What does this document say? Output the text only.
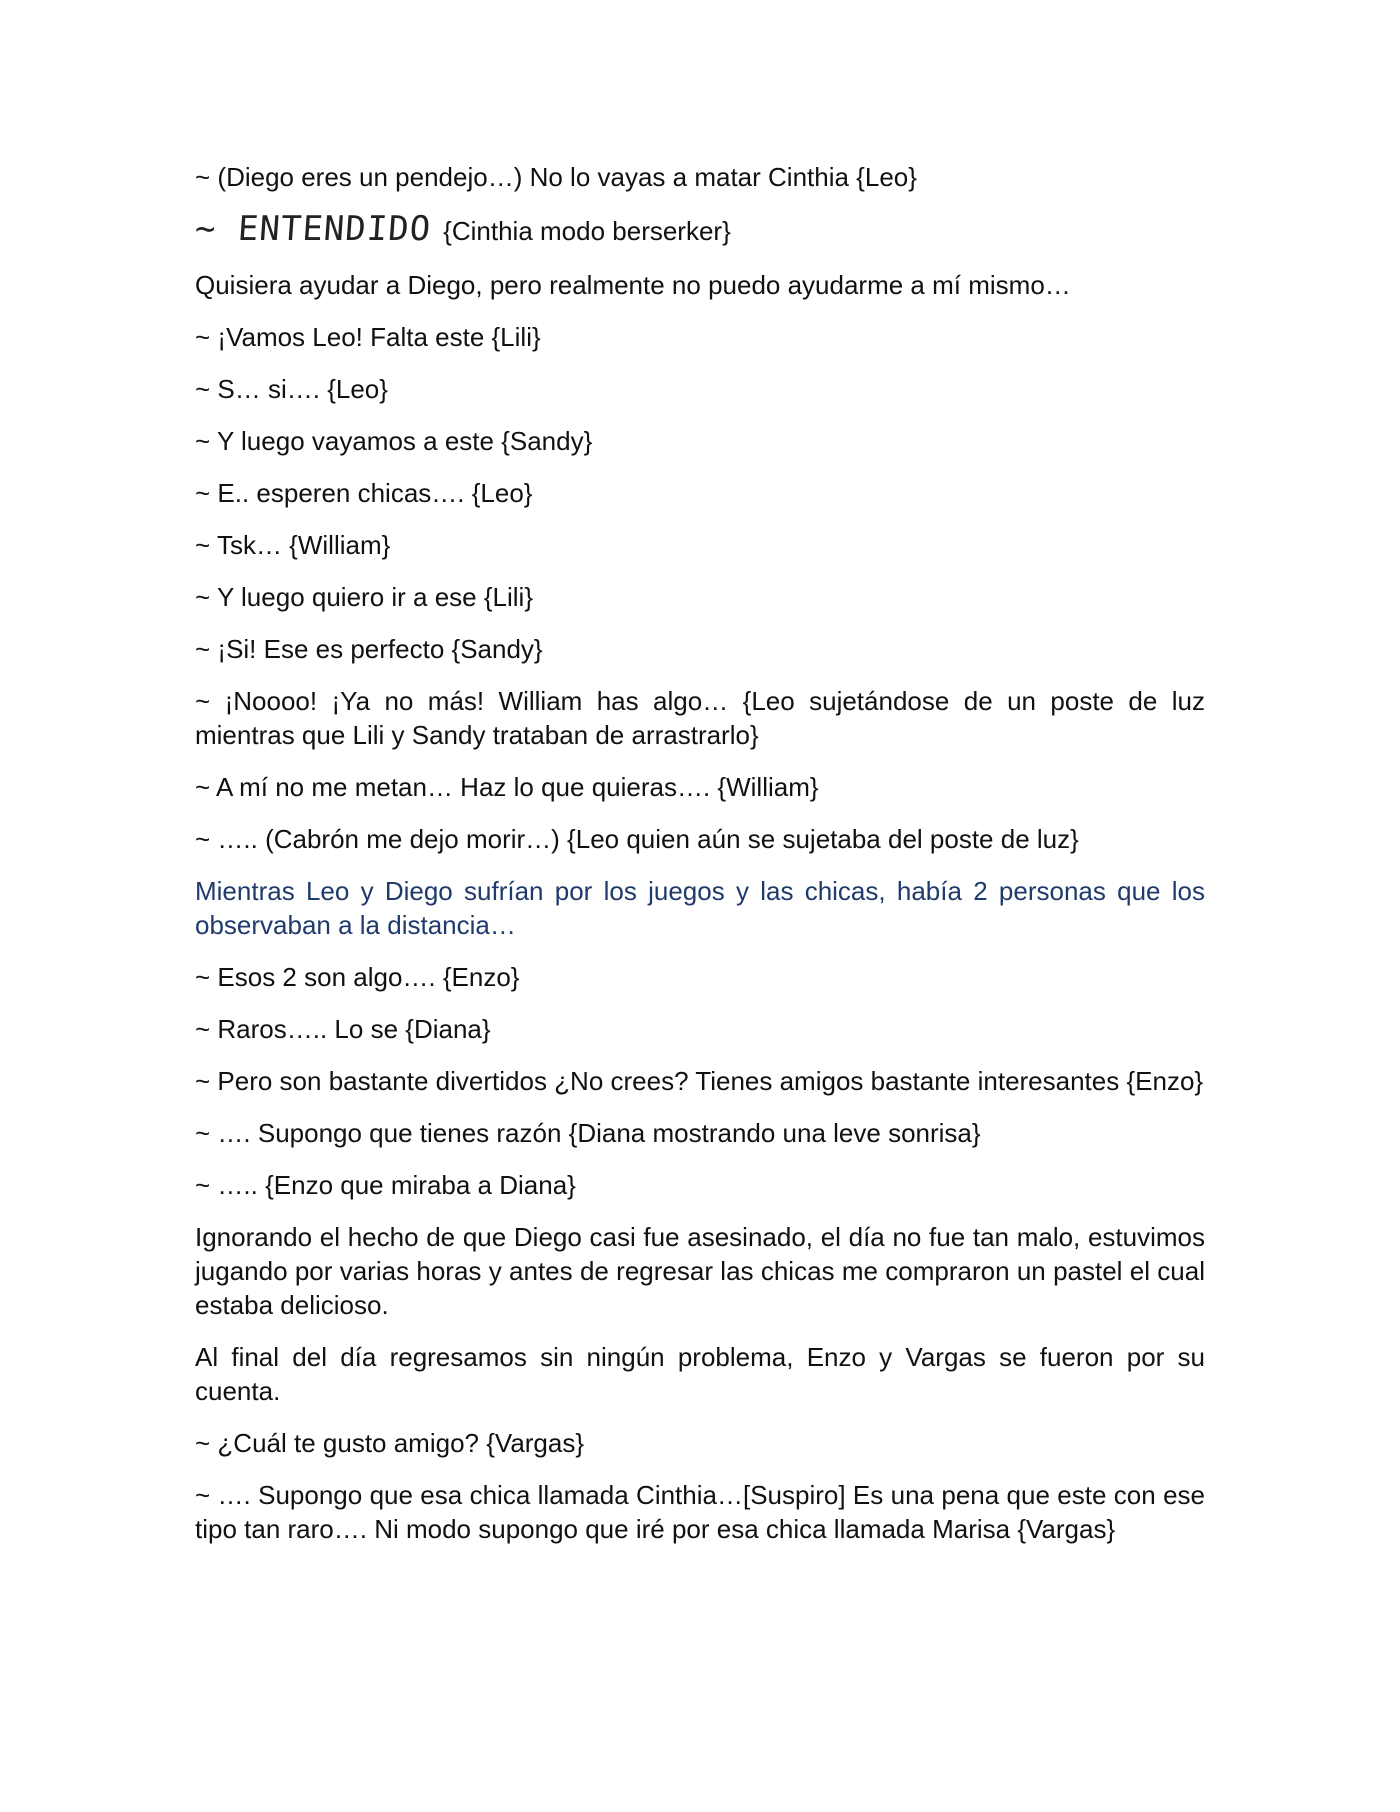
~ (Diego eres un pendejo…) No lo vayas a matar Cinthia {Leo}

~ ENTENDIDO {Cinthia modo berserker}

Quisiera ayudar a Diego, pero realmente no puedo ayudarme a mí mismo…

~ ¡Vamos Leo! Falta este {Lili}

~ S… si…. {Leo}

~ Y luego vayamos a este {Sandy}

~ E.. esperen chicas…. {Leo}

~ Tsk… {William}

~ Y luego quiero ir a ese {Lili}

~ ¡Si! Ese es perfecto {Sandy}

~ ¡Noooo! ¡Ya no más! William has algo… {Leo sujetándose de un poste de luz mientras que Lili y Sandy trataban de arrastrarlo}

~ A mí no me metan… Haz lo que quieras…. {William}

~ ….. (Cabrón me dejo morir…) {Leo quien aún se sujetaba del poste de luz}

Mientras Leo y Diego sufrían por los juegos y las chicas, había 2 personas que los observaban a la distancia…

~ Esos 2 son algo…. {Enzo}

~ Raros….. Lo se {Diana}

~ Pero son bastante divertidos ¿No crees? Tienes amigos bastante interesantes {Enzo}

~ …. Supongo que tienes razón {Diana mostrando una leve sonrisa}

~ ….. {Enzo que miraba a Diana}

Ignorando el hecho de que Diego casi fue asesinado, el día no fue tan malo, estuvimos jugando por varias horas y antes de regresar las chicas me compraron un pastel el cual estaba delicioso.

Al final del día regresamos sin ningún problema, Enzo y Vargas se fueron por su cuenta.

~ ¿Cuál te gusto amigo? {Vargas}

~ …. Supongo que esa chica llamada Cinthia…[Suspiro] Es una pena que este con ese tipo tan raro…. Ni modo supongo que iré por esa chica llamada Marisa {Vargas}
